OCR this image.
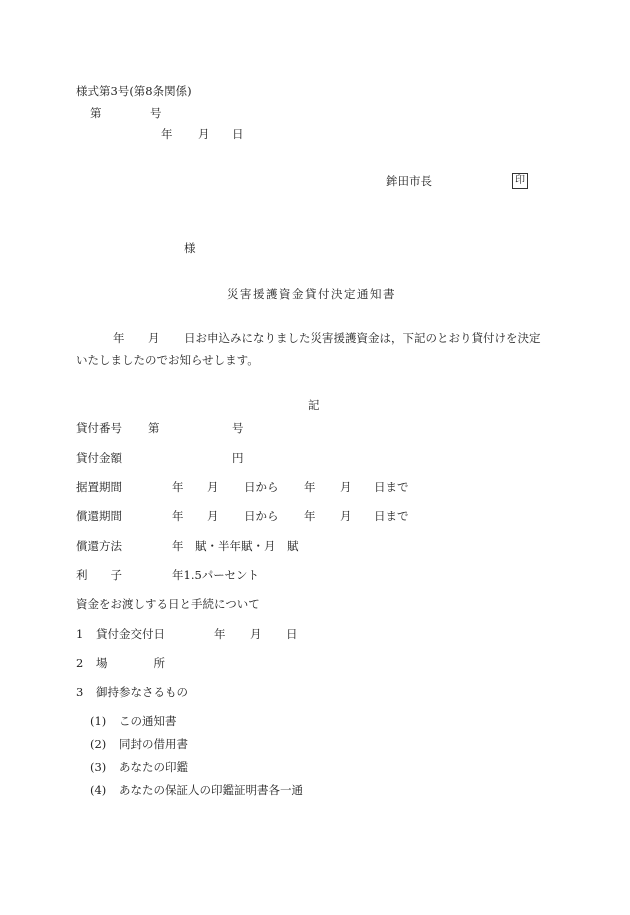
様式第3号(第8条関係)
第	号
年 月 日
鉾田市長	印
様
災害援護資金貸付決定通知書
年 月 日お申込みになりました災害援護資金は，下記のとおり貸付けを決定
いたしましたのでお知らせします。
記
貸付番号 第	号
貸付金額	円
据置期間	年 月 日から 年 月 日まで
償還期間	年 月 日から 年 月 日まで
償還方法	年　賦・半年賦・月　賦
利　　子	年1.5パーセント
資金をお渡しする日と手続について
1 貸付金交付日	年 月 日
2 場　　　　所
3 御持参なさるもの
(1) この通知書
(2) 同封の借用書
(3) あなたの印鑑
(4) あなたの保証人の印鑑証明書各一通
